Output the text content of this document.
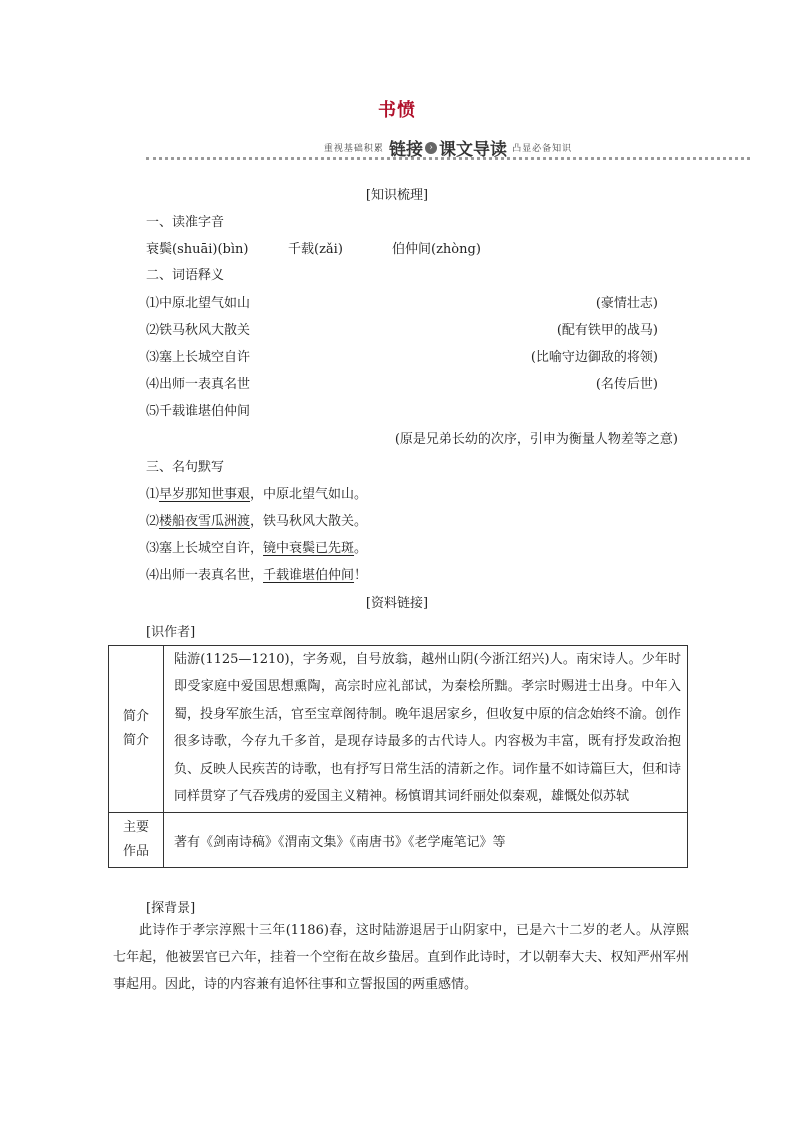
书愤
重视基础积累 链接 › 课文导读 凸显必备知识
[知识梳理]
一、读准字音
衰鬓(shuāi)(bìn)	千载(zǎi)	伯仲间(zhòng)
二、词语释义
⑴中原北望气如山	(豪情壮志)
⑵铁马秋风大散关	(配有铁甲的战马)
⑶塞上长城空自许	(比喻守边御敌的将领)
⑷出师一表真名世	(名传后世)
⑸千载谁堪伯仲间
(原是兄弟长幼的次序，引申为衡量人物差等之意)
三、名句默写
⑴早岁那知世事艰，中原北望气如山。
⑵楼船夜雪瓜洲渡，铁马秋风大散关。
⑶塞上长城空自许，镜中衰鬓已先斑。
⑷出师一表真名世，千载谁堪伯仲间！
[资料链接]
[识作者]
简介
简介	陆游(1125—1210)，字务观，自号放翁，越州山阴(今浙江绍兴)人。南宋诗人。少年时即受家庭中爱国思想熏陶，高宗时应礼部试，为秦桧所黜。孝宗时赐进士出身。中年入蜀，投身军旅生活，官至宝章阁待制。晚年退居家乡，但收复中原的信念始终不渝。创作很多诗歌，今存九千多首，是现存诗最多的古代诗人。内容极为丰富，既有抒发政治抱负、反映人民疾苦的诗歌，也有抒写日常生活的清新之作。词作量不如诗篇巨大，但和诗同样贯穿了气吞残虏的爱国主义精神。杨慎谓其词纤丽处似秦观，雄慨处似苏轼

主要
作品	著有《剑南诗稿》《渭南文集》《南唐书》《老学庵笔记》等
[探背景]
此诗作于孝宗淳熙十三年(1186)春，这时陆游退居于山阴家中，已是六十二岁的老人。从淳熙七年起，他被罢官已六年，挂着一个空衔在故乡蛰居。直到作此诗时，才以朝奉大夫、权知严州军州事起用。因此，诗的内容兼有追怀往事和立誓报国的两重感情。
